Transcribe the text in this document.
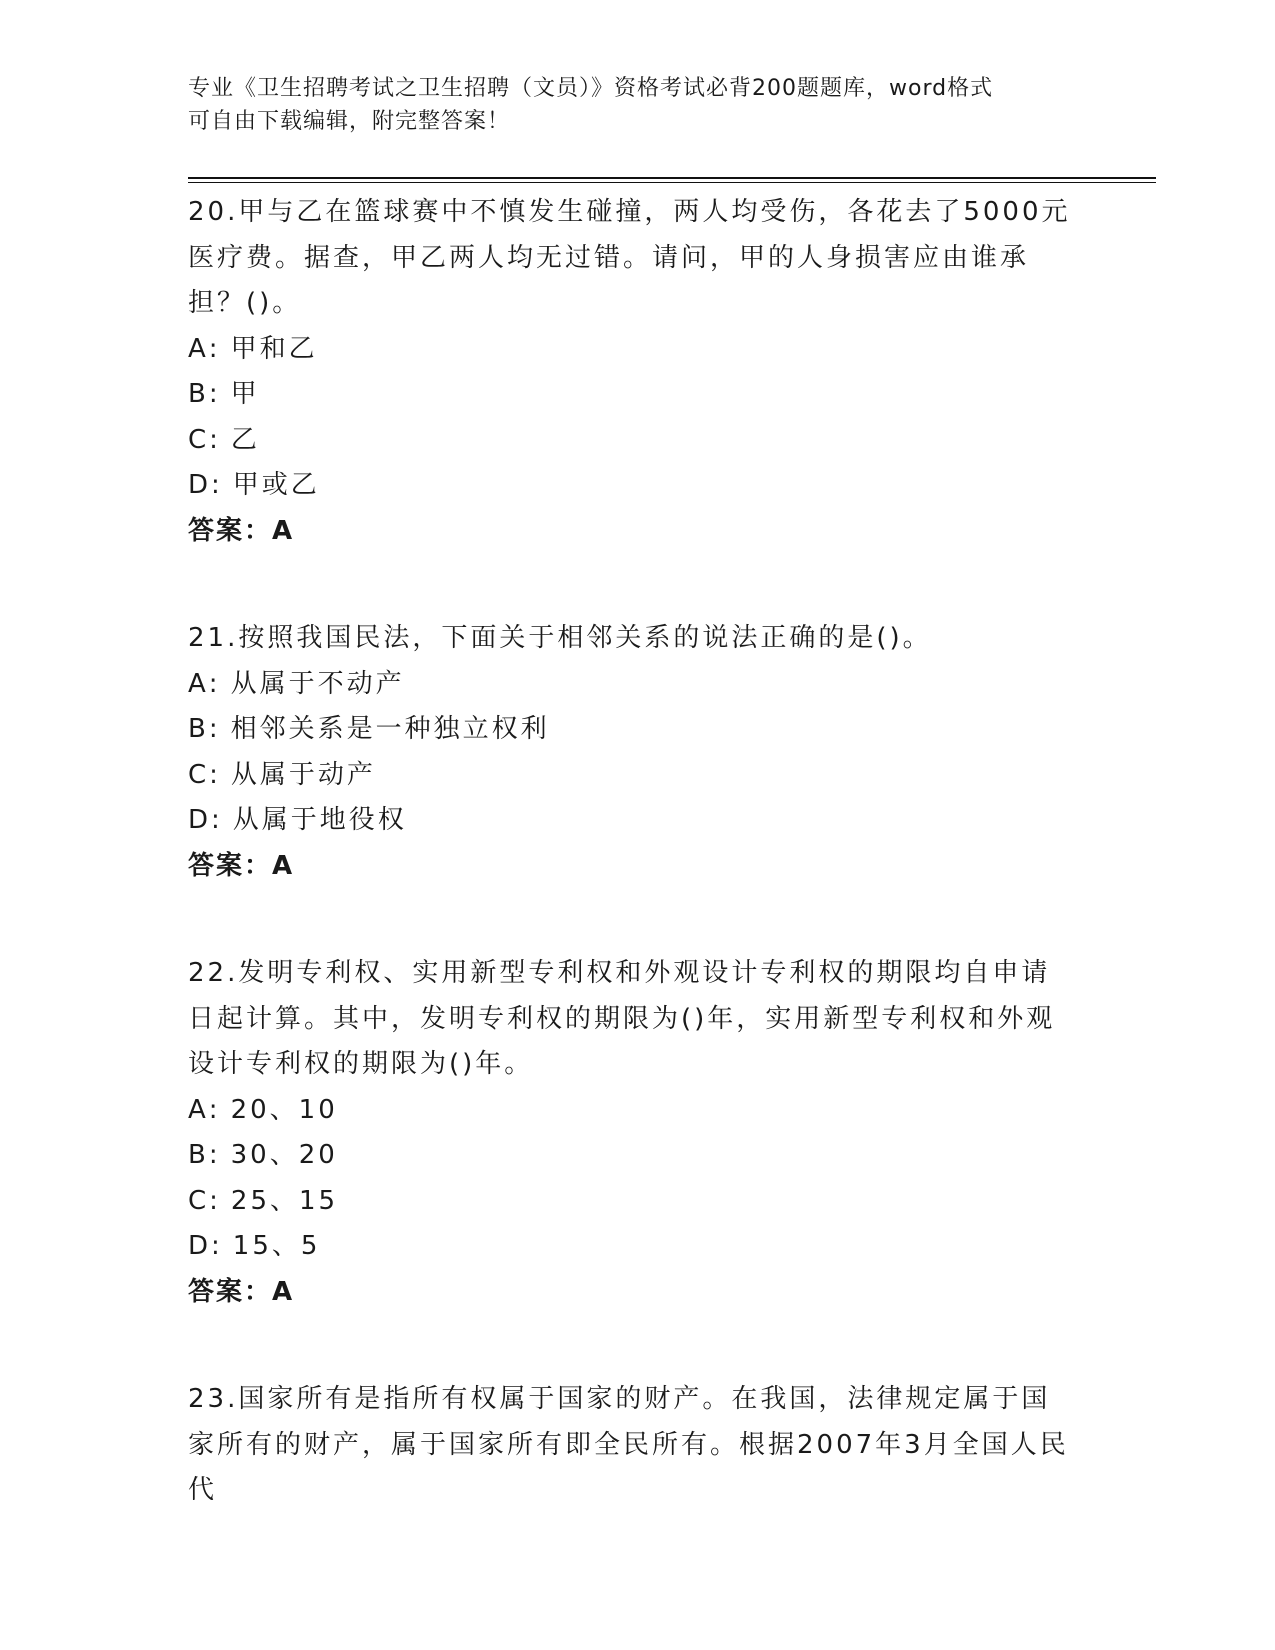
专业《卫生招聘考试之卫生招聘（文员）》资格考试必背200题题库，word格式
可自由下载编辑，附完整答案！

20.甲与乙在篮球赛中不慎发生碰撞，两人均受伤，各花去了5000元医疗费。据查，甲乙两人均无过错。请问，甲的人身损害应由谁承担？()。

A: 甲和乙

B: 甲

C: 乙

D: 甲或乙

答案：A

21.按照我国民法，下面关于相邻关系的说法正确的是()。

A: 从属于不动产

B: 相邻关系是一种独立权利

C: 从属于动产

D: 从属于地役权

答案：A

22.发明专利权、实用新型专利权和外观设计专利权的期限均自申请日起计算。其中，发明专利权的期限为()年，实用新型专利权和外观设计专利权的期限为()年。

A: 20、10

B: 30、20

C: 25、15

D: 15、5

答案：A

23.国家所有是指所有权属于国家的财产。在我国，法律规定属于国家所有的财产，属于国家所有即全民所有。根据2007年3月全国人民代
